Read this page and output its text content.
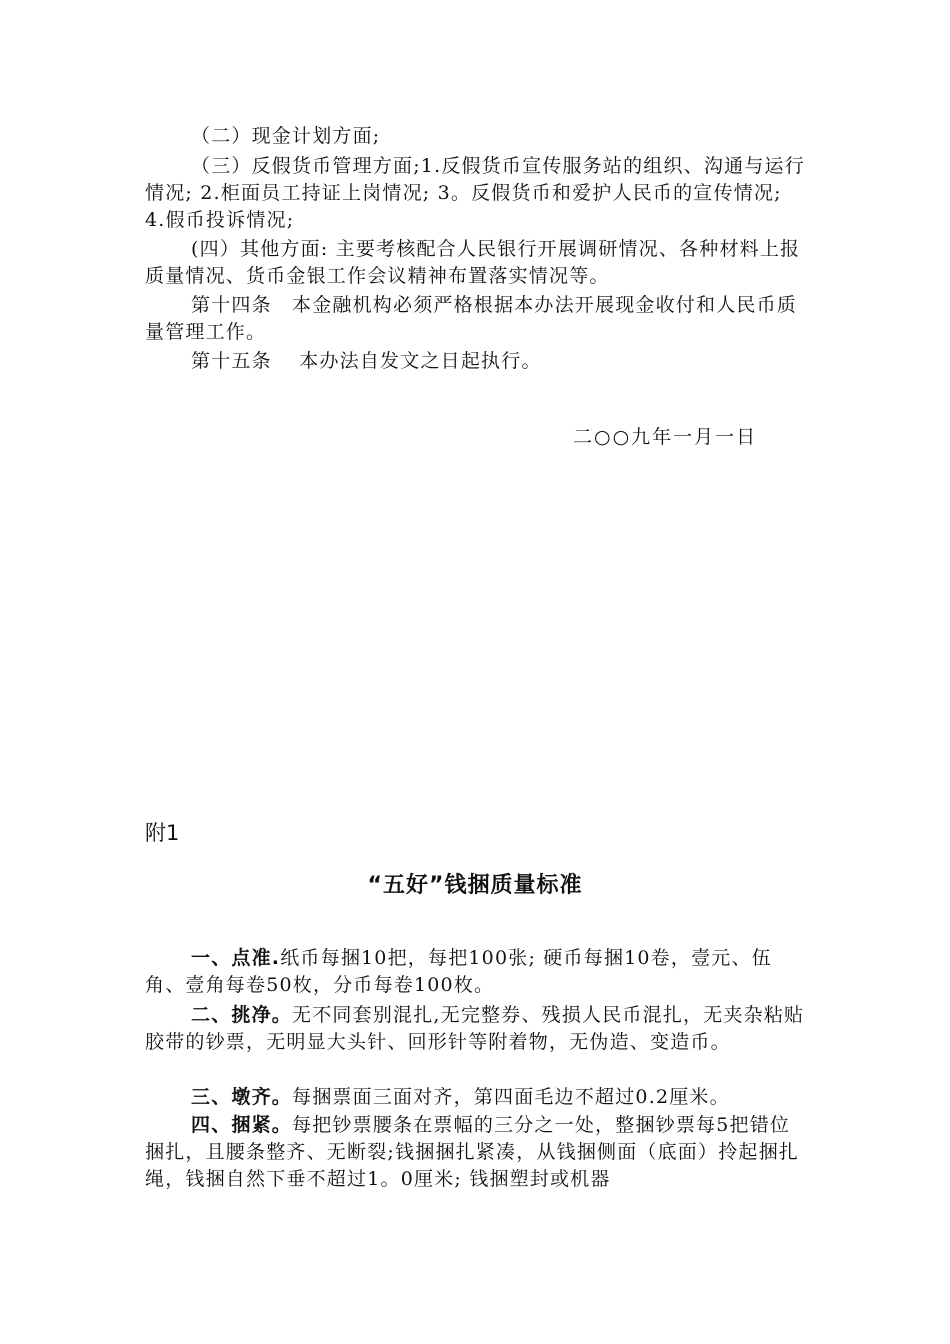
（二）现金计划方面;

（三）反假货币管理方面;1.反假货币宣传服务站的组织、沟通与运行情况; 2.柜面员工持证上岗情况; 3。反假货币和爱护人民币的宣传情况; 4.假币投诉情况;

(四）其他方面: 主要考核配合人民银行开展调研情况、各种材料上报质量情况、货币金银工作会议精神布置落实情况等。

第十四条　本金融机构必须严格根据本办法开展现金收付和人民币质量管理工作。

第十五条　 本办法自发文之日起执行。

二○○九年一月一日
附1
“五好”钱捆质量标准

一、点准.纸币每捆10把，每把100张; 硬币每捆10卷，壹元、伍角、壹角每卷50枚，分币每卷100枚。

二、挑净。无不同套别混扎,无完整券、残损人民币混扎，无夹杂粘贴胶带的钞票，无明显大头针、回形针等附着物，无伪造、变造币。

三、墩齐。每捆票面三面对齐，第四面毛边不超过0.2厘米。

四、捆紧。每把钞票腰条在票幅的三分之一处，整捆钞票每5把错位捆扎，且腰条整齐、无断裂;钱捆捆扎紧凑，从钱捆侧面（底面）拎起捆扎绳，钱捆自然下垂不超过1。0厘米; 钱捆塑封或机器
